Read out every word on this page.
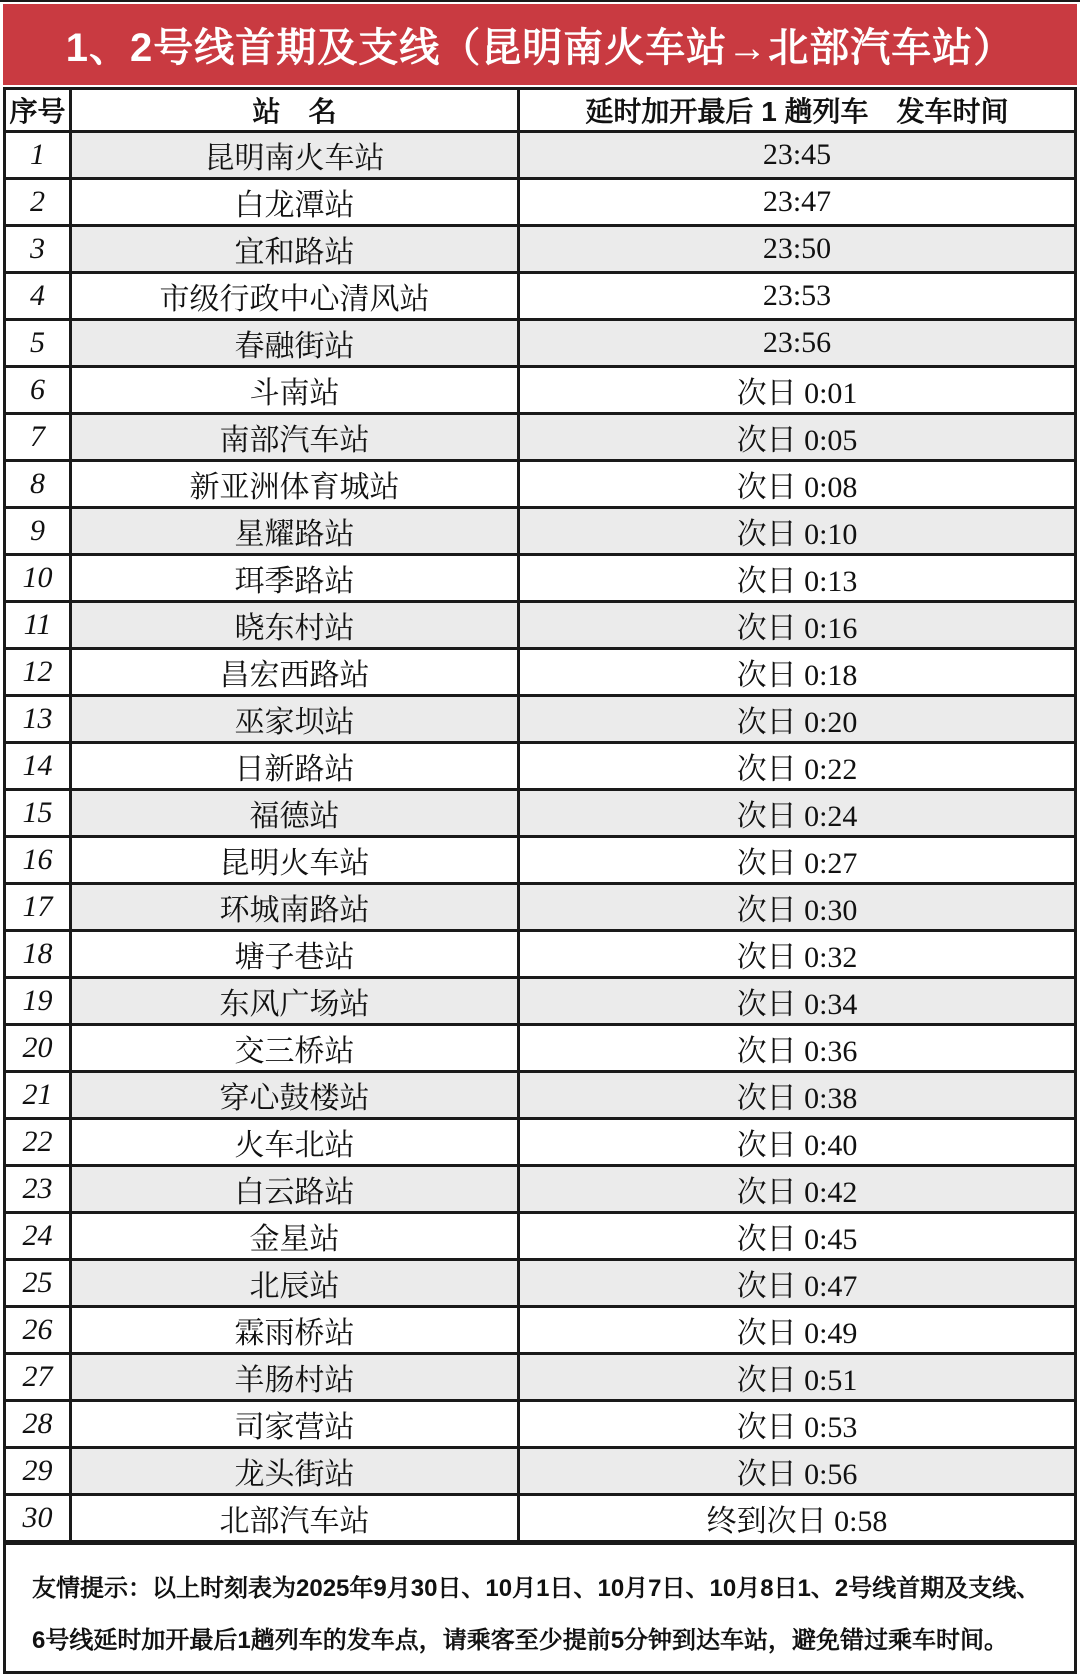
1、2号线首期及支线（昆明南火车站→北部汽车站）
序号	站　名	延时加开最后 1 趟列车　发车时间
1	昆明南火车站	23:45
2	白龙潭站	23:47
3	宜和路站	23:50
4	市级行政中心清风站	23:53
5	春融街站	23:56
6	斗南站	次日 0:01
7	南部汽车站	次日 0:05
8	新亚洲体育城站	次日 0:08
9	星耀路站	次日 0:10
10	珥季路站	次日 0:13
11	晓东村站	次日 0:16
12	昌宏西路站	次日 0:18
13	巫家坝站	次日 0:20
14	日新路站	次日 0:22
15	福德站	次日 0:24
16	昆明火车站	次日 0:27
17	环城南路站	次日 0:30
18	塘子巷站	次日 0:32
19	东风广场站	次日 0:34
20	交三桥站	次日 0:36
21	穿心鼓楼站	次日 0:38
22	火车北站	次日 0:40
23	白云路站	次日 0:42
24	金星站	次日 0:45
25	北辰站	次日 0:47
26	霖雨桥站	次日 0:49
27	羊肠村站	次日 0:51
28	司家营站	次日 0:53
29	龙头街站	次日 0:56
30	北部汽车站	终到次日 0:58
友情提示：以上时刻表为2025年9月30日、10月1日、10月7日、10月8日1、2号线首期及支线、
6号线延时加开最后1趟列车的发车点，请乘客至少提前5分钟到达车站，避免错过乘车时间。
